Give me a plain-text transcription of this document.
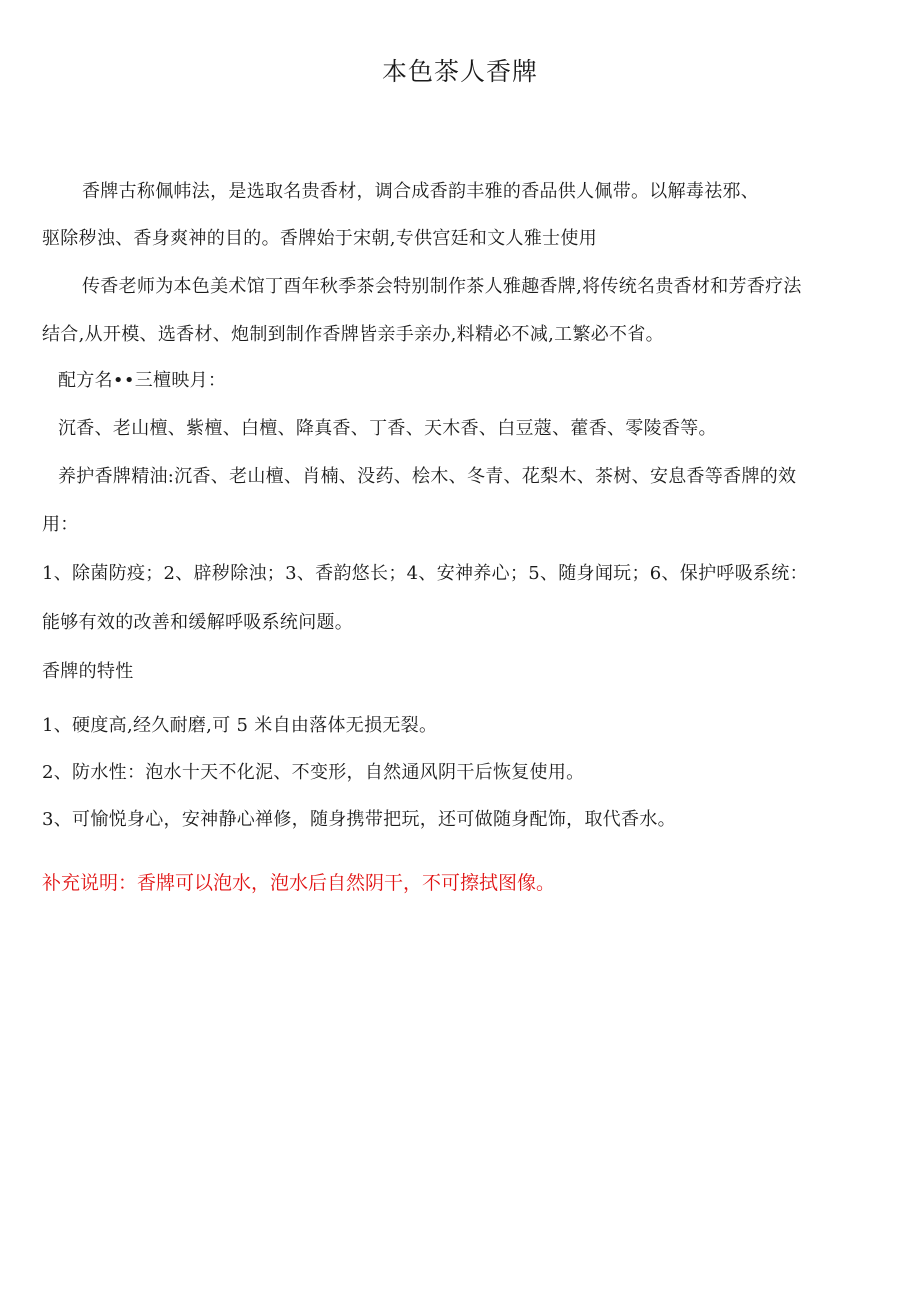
本色茶人香牌
香牌古称佩帏法，是选取名贵香材，调合成香韵丰雅的香品供人佩带。以解毒祛邪、
驱除秽浊、香身爽神的目的。香牌始于宋朝,专供宫廷和文人雅士使用
传香老师为本色美术馆丁酉年秋季茶会特别制作茶人雅趣香牌,将传统名贵香材和芳香疗法
结合,从开模、选香材、炮制到制作香牌皆亲手亲办,料精必不减,工繁必不省。
配方名••三檀映月：
沉香、老山檀、紫檀、白檀、降真香、丁香、天木香、白豆蔻、藿香、零陵香等。
养护香牌精油:沉香、老山檀、肖楠、没药、桧木、冬青、花梨木、茶树、安息香等香牌的效
用：
1、除菌防疫；2、辟秽除浊；3、香韵悠长；4、安神养心；5、随身闻玩；6、保护呼吸系统：
能够有效的改善和缓解呼吸系统问题。
香牌的特性
1、硬度高,经久耐磨,可 5 米自由落体无损无裂。
2、防水性：泡水十天不化泥、不变形，自然通风阴干后恢复使用。
3、可愉悦身心，安神静心禅修，随身携带把玩，还可做随身配饰，取代香水。
补充说明：香牌可以泡水，泡水后自然阴干，不可擦拭图像。
